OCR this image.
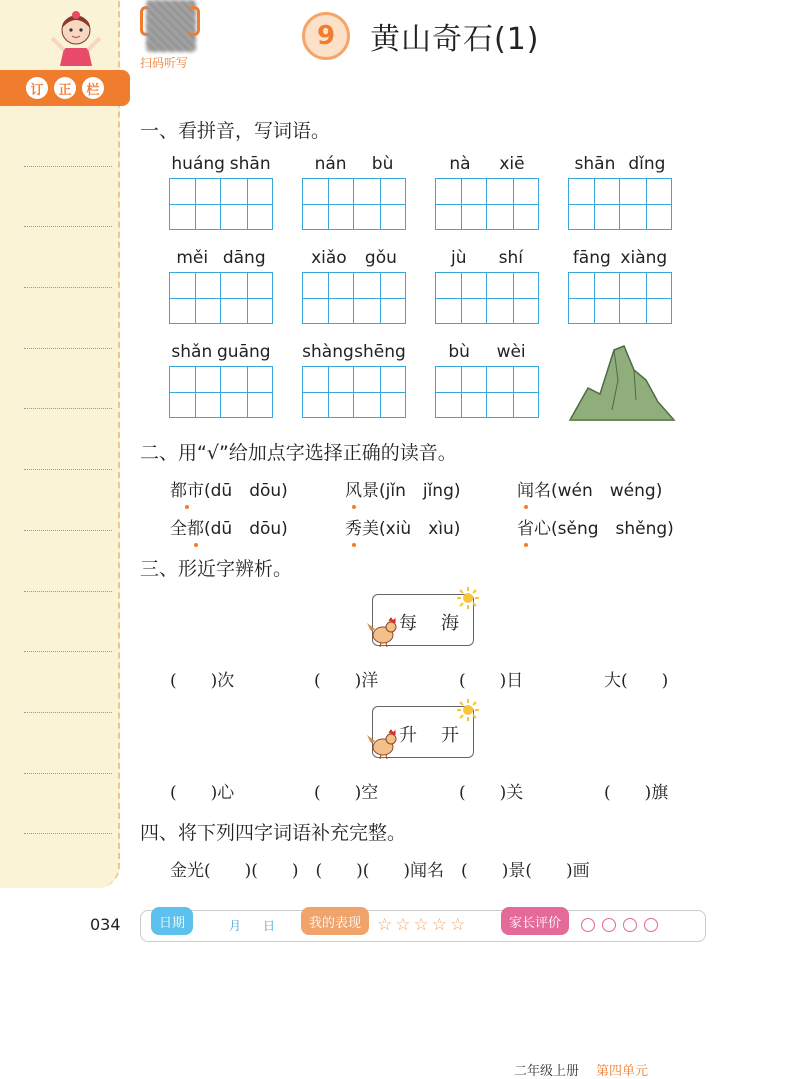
订	正	栏
扫码听写
9	黄山奇石(1)
一、看拼音，写词语。
huáng shān	nán bù	nà xiē	shān dǐng
měi dāng	xiǎo gǒu	jù shí	fāng xiàng
shǎn guāng shàng shēng	bù wèi
二、用“√”给加点字选择正确的读音。
都市(dū　dōu)	风景(jǐn　jǐng)	闻名(wén　wéng)
全都(dū　dōu)	秀美(xiù　xìu)	省心(sěng　shěng)
三、形近字辨析。
每海
(　　)次	(　　)洋	(　　)日	大(　　)
升开
(　　)心	(　　)空	(　　)关	(　　)旗
四、将下列四字词语补充完整。
金光(　　)(　　)　(　　)(　　)闻名　(　　)景(　　)画
034	日期	月 日	我的表现 ☆☆☆☆☆	家长评价
二年级上册 第四单元
